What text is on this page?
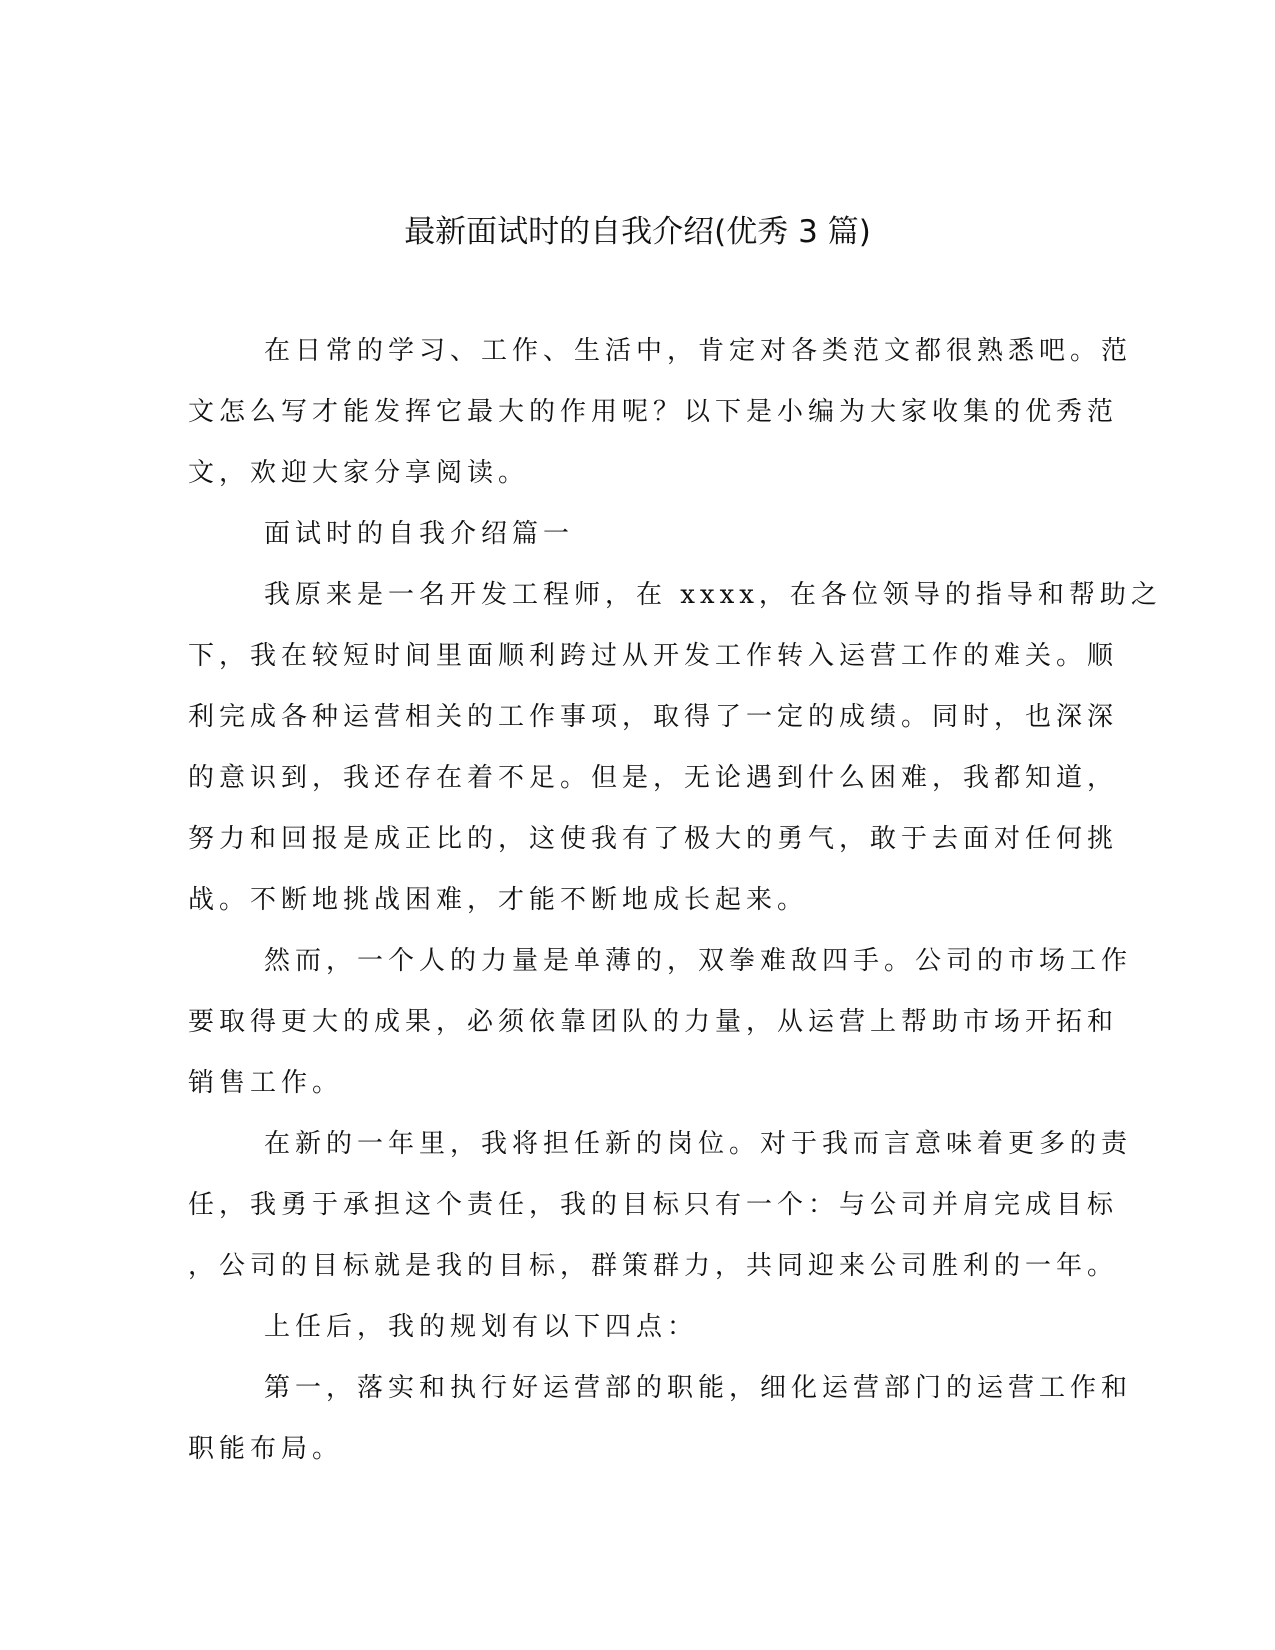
最新面试时的自我介绍(优秀 3 篇)
在日常的学习、工作、生活中，肯定对各类范文都很熟悉吧。范
文怎么写才能发挥它最大的作用呢？以下是小编为大家收集的优秀范
文，欢迎大家分享阅读。
面试时的自我介绍篇一
我原来是一名开发工程师，在 xxxx，在各位领导的指导和帮助之
下，我在较短时间里面顺利跨过从开发工作转入运营工作的难关。顺
利完成各种运营相关的工作事项，取得了一定的成绩。同时，也深深
的意识到，我还存在着不足。但是，无论遇到什么困难，我都知道，
努力和回报是成正比的，这使我有了极大的勇气，敢于去面对任何挑
战。不断地挑战困难，才能不断地成长起来。
然而，一个人的力量是单薄的，双拳难敌四手。公司的市场工作
要取得更大的成果，必须依靠团队的力量，从运营上帮助市场开拓和
销售工作。
在新的一年里，我将担任新的岗位。对于我而言意味着更多的责
任，我勇于承担这个责任，我的目标只有一个：与公司并肩完成目标
，公司的目标就是我的目标，群策群力，共同迎来公司胜利的一年。
上任后，我的规划有以下四点：
第一，落实和执行好运营部的职能，细化运营部门的运营工作和
职能布局。
